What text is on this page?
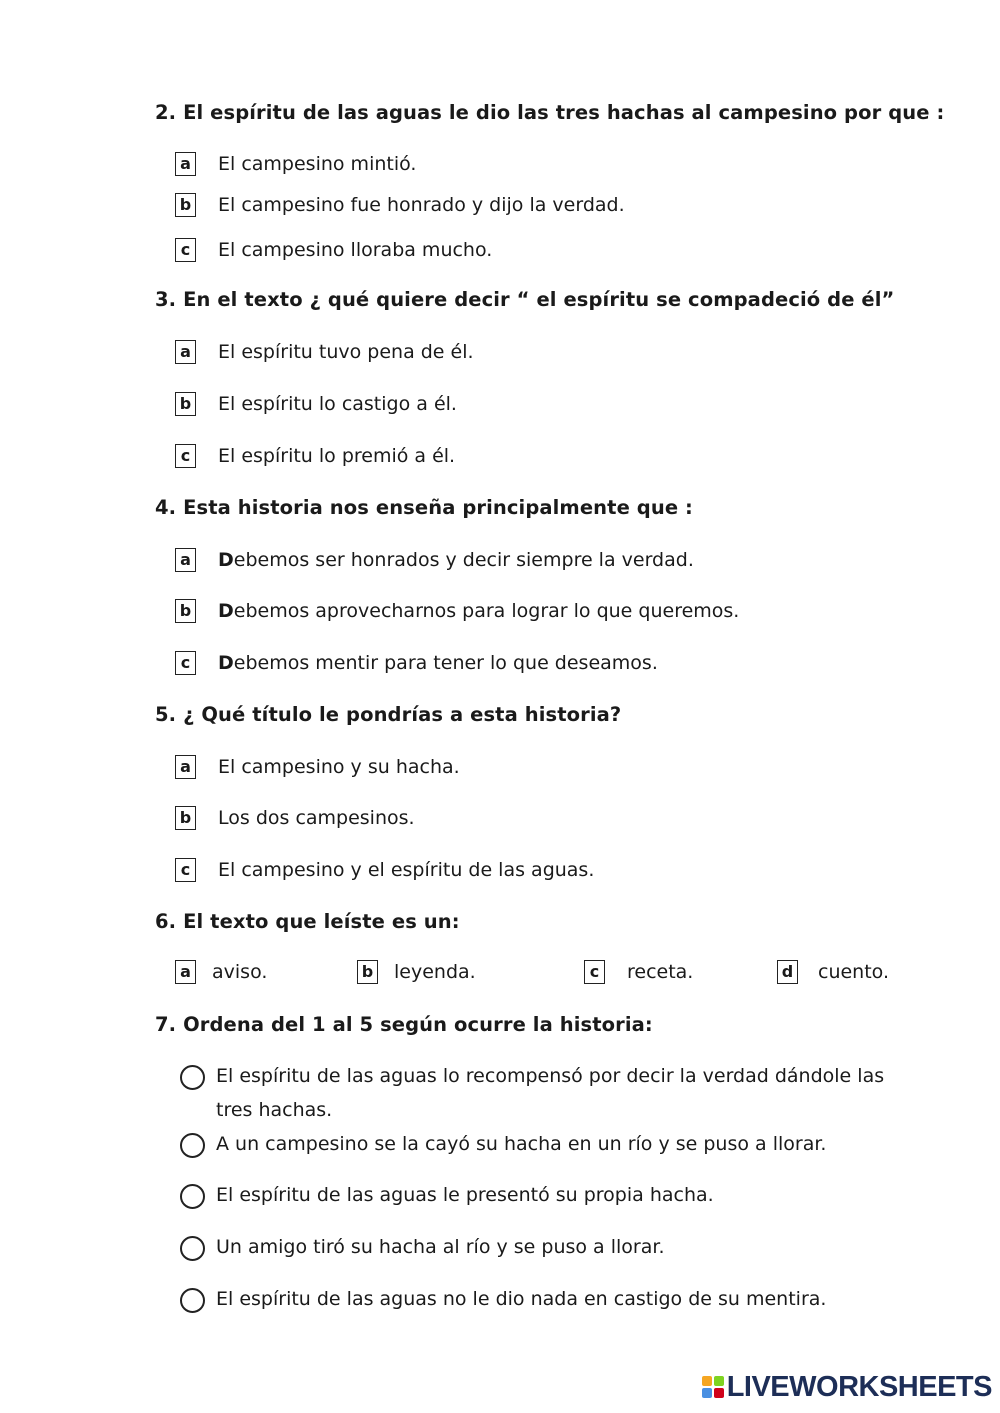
2. El espíritu de las aguas le dio las tres hachas al campesino por que :
a El campesino mintió.
b El campesino fue honrado y dijo la verdad.
c	El campesino lloraba mucho.
3. En el texto ¿ qué quiere decir “ el espíritu se compadeció de él”
a El espíritu tuvo pena de él.
b El espíritu lo castigo a él.
c	El espíritu lo premió a él.
4. Esta historia nos enseña principalmente que :
a Debemos ser honrados y decir siempre la verdad.
b Debemos aprovecharnos para lograr lo que queremos.
c	Debemos mentir para tener lo que deseamos.
5. ¿ Qué título le pondrías a esta historia?
a El campesino y su hacha.
b Los dos campesinos.
c	El campesino y el espíritu de las aguas.
6. El texto que leíste es un:
a aviso.	b leyenda.	c	receta.	d cuento.
7. Ordena del 1 al 5 según ocurre la historia:
El espíritu de las aguas lo recompensó por decir la verdad dándole las tres hachas.
A un campesino se la cayó su hacha en un río y se puso a llorar.
El espíritu de las aguas le presentó su propia hacha.
Un amigo tiró su hacha al río y se puso a llorar.
El espíritu de las aguas no le dio nada en castigo de su mentira.
LIVEWORKSHEETS
